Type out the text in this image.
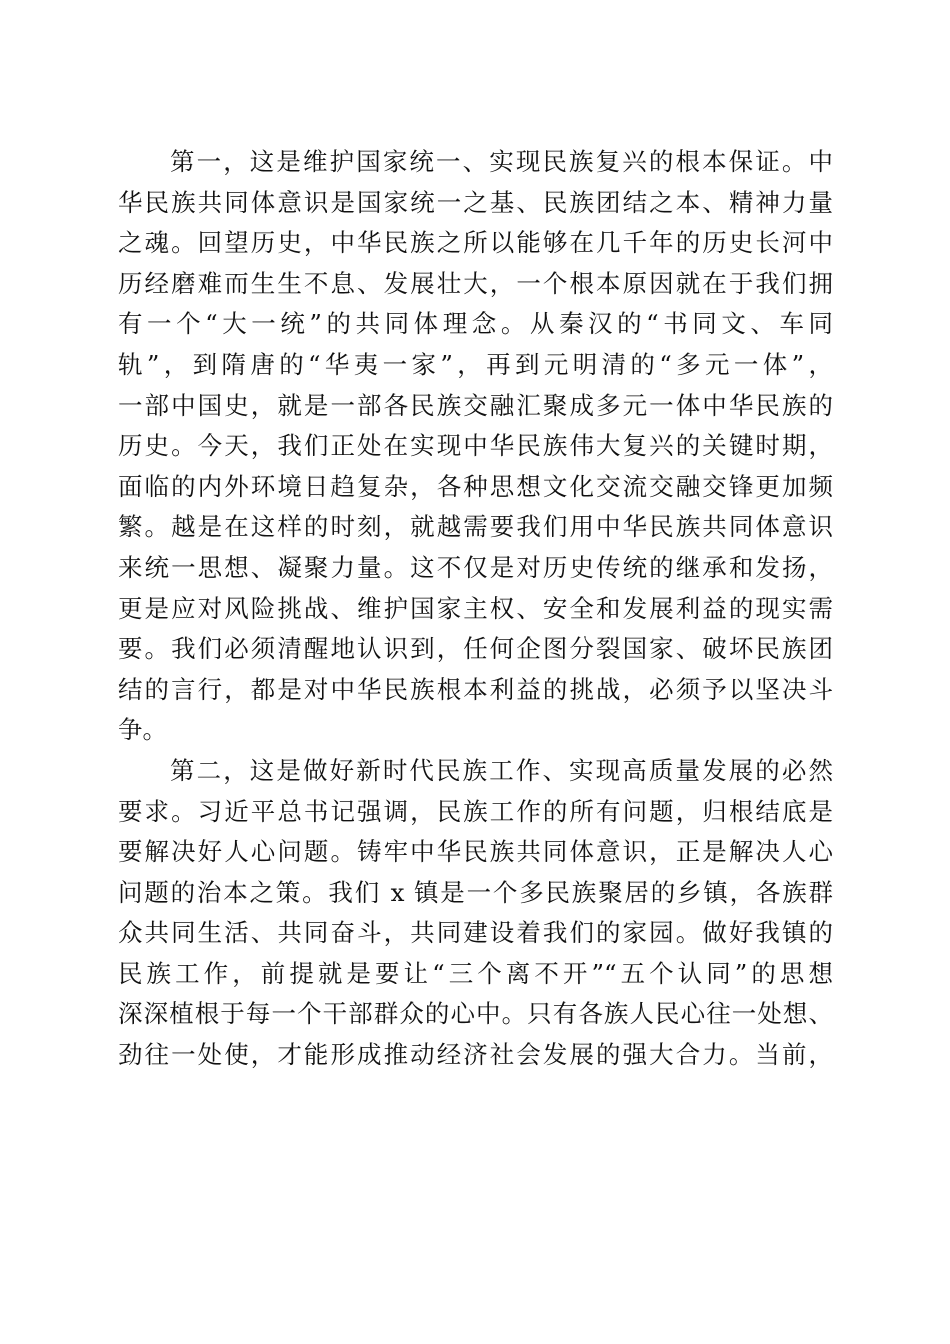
第一，这是维护国家统一、实现民族复兴的根本保证。中
华民族共同体意识是国家统一之基、民族团结之本、精神力量
之魂。回望历史，中华民族之所以能够在几千年的历史长河中
历经磨难而生生不息、发展壮大，一个根本原因就在于我们拥
有一个“大一统”的共同体理念。从秦汉的“书同文、车同
轨”，到隋唐的“华夷一家”，再到元明清的“多元一体”，
一部中国史，就是一部各民族交融汇聚成多元一体中华民族的
历史。今天，我们正处在实现中华民族伟大复兴的关键时期，
面临的内外环境日趋复杂，各种思想文化交流交融交锋更加频
繁。越是在这样的时刻，就越需要我们用中华民族共同体意识
来统一思想、凝聚力量。这不仅是对历史传统的继承和发扬，
更是应对风险挑战、维护国家主权、安全和发展利益的现实需
要。我们必须清醒地认识到，任何企图分裂国家、破坏民族团
结的言行，都是对中华民族根本利益的挑战，必须予以坚决斗
争。
第二，这是做好新时代民族工作、实现高质量发展的必然
要求。习近平总书记强调，民族工作的所有问题，归根结底是
要解决好人心问题。铸牢中华民族共同体意识，正是解决人心
问题的治本之策。我们 x 镇是一个多民族聚居的乡镇，各族群
众共同生活、共同奋斗，共同建设着我们的家园。做好我镇的
民族工作，前提就是要让“三个离不开”“五个认同”的思想
深深植根于每一个干部群众的心中。只有各族人民心往一处想、
劲往一处使，才能形成推动经济社会发展的强大合力。当前，
